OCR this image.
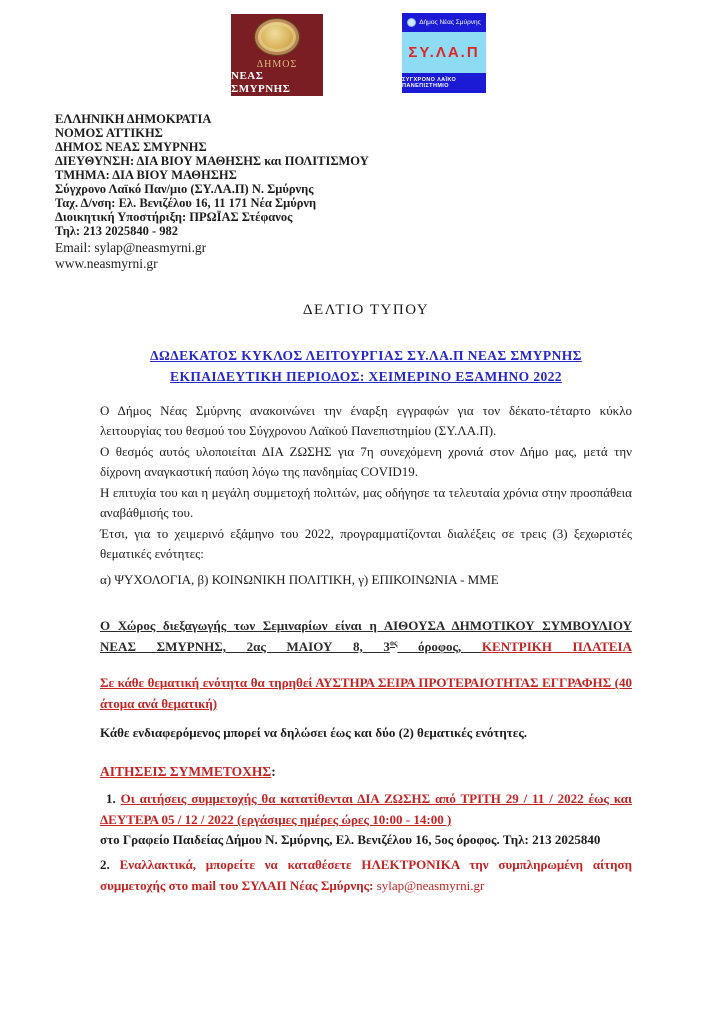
ΔΗΜΟΣ
ΝΕΑΣ ΣΜΥΡΝΗΣ
Δήμος Νέας Σμύρνης
ΣΥ.ΛΑ.Π
ΣΥΓΧΡΟΝΟ ΛΑΪΚΟ ΠΑΝΕΠΙΣΤΗΜΙΟ
ΕΛΛΗΝΙΚΗ ΔΗΜΟΚΡΑΤΙΑ
ΝΟΜΟΣ ΑΤΤΙΚΗΣ
ΔΗΜΟΣ ΝΕΑΣ ΣΜΥΡΝΗΣ
ΔΙΕΥΘΥΝΣΗ: ΔΙΑ ΒΙΟΥ ΜΑΘΗΣΗΣ και ΠΟΛΙΤΙΣΜΟΥ
ΤΜΗΜΑ: ΔΙΑ ΒΙΟΥ ΜΑΘΗΣΗΣ
Σύγχρονο Λαϊκό Παν/μιο (ΣΥ.ΛΑ.Π) Ν. Σμύρνης
Ταχ. Δ/νση: Ελ. Βενιζέλου 16, 11 171 Νέα Σμύρνη
Διοικητική Υποστήριξη: ΠΡΩΪΑΣ Στέφανος
Τηλ: 213 2025840 - 982
Email: sylap@neasmyrni.gr
www.neasmyrni.gr
ΔΕΛΤΙΟ ΤΥΠΟΥ
ΔΩΔΕΚΑΤΟΣ ΚΥΚΛΟΣ ΛΕΙΤΟΥΡΓΙΑΣ ΣΥ.ΛΑ.Π ΝΕΑΣ ΣΜΥΡΝΗΣ
ΕΚΠΑΙΔΕΥΤΙΚΗ ΠΕΡΙΟΔΟΣ: ΧΕΙΜΕΡΙΝΟ ΕΞΑΜΗΝΟ 2022

Ο Δήμος Νέας Σμύρνης ανακοινώνει την έναρξη εγγραφών για τον δέκατο-τέταρτο κύκλο λειτουργίας του θεσμού του Σύγχρονου Λαϊκού Πανεπιστημίου (ΣΥ.ΛΑ.Π).

Ο θεσμός αυτός υλοποιείται ΔΙΑ ΖΩΣΗΣ για 7η συνεχόμενη χρονιά στον Δήμο μας, μετά την δίχρονη αναγκαστική παύση λόγω της πανδημίας COVID19.

Η επιτυχία του και η μεγάλη συμμετοχή πολιτών, μας οδήγησε τα τελευταία χρόνια στην προσπάθεια αναβάθμισής του.

Έτσι, για το χειμερινό εξάμηνο του 2022, προγραμματίζονται διαλέξεις σε τρεις (3) ξεχωριστές θεματικές ενότητες:

α) ΨΥΧΟΛΟΓΙΑ, β) ΚΟΙΝΩΝΙΚΗ ΠΟΛΙΤΙΚΗ, γ) ΕΠΙΚΟΙΝΩΝΙΑ - ΜΜΕ

Ο Χώρος διεξαγωγής των Σεμιναρίων είναι η ΑΙΘΟΥΣΑ ΔΗΜΟΤΙΚΟΥ ΣΥΜΒΟΥΛΙΟΥ ΝΕΑΣ ΣΜΥΡΝΗΣ, 2ας ΜΑΙΟΥ 8, $3^{o\varsigma}$ όροφος, ΚΕΝΤΡΙΚΗ ΠΛΑΤΕΙΑ

Σε κάθε θεματική ενότητα θα τηρηθεί ΑΥΣΤΗΡΑ ΣΕΙΡΑ ΠΡΟΤΕΡΑΙΟΤΗΤΑΣ ΕΓΓΡΑΦΗΣ (40 άτομα ανά θεματική)

Κάθε ενδιαφερόμενος μπορεί να δηλώσει έως και δύο (2) θεματικές ενότητες.

ΑΙΤΗΣΕΙΣ ΣΥΜΜΕΤΟΧΗΣ:

1. Οι αιτήσεις συμμετοχής θα κατατίθενται ΔΙΑ ΖΩΣΗΣ από ΤΡΙΤΗ 29 / 11 / 2022 έως και ΔΕΥΤΕΡΑ 05 / 12 / 2022 (εργάσιμες ημέρες ώρες 10:00 - 14:00 )

στο Γραφείο Παιδείας Δήμου Ν. Σμύρνης, Ελ. Βενιζέλου 16, 5ος όροφος. Τηλ: 213 2025840

2. Εναλλακτικά, μπορείτε να καταθέσετε ΗΛΕΚΤΡΟΝΙΚΑ την συμπληρωμένη αίτηση συμμετοχής στο mail του ΣΥΛΑΠ Νέας Σμύρνης: sylap@neasmyrni.gr
